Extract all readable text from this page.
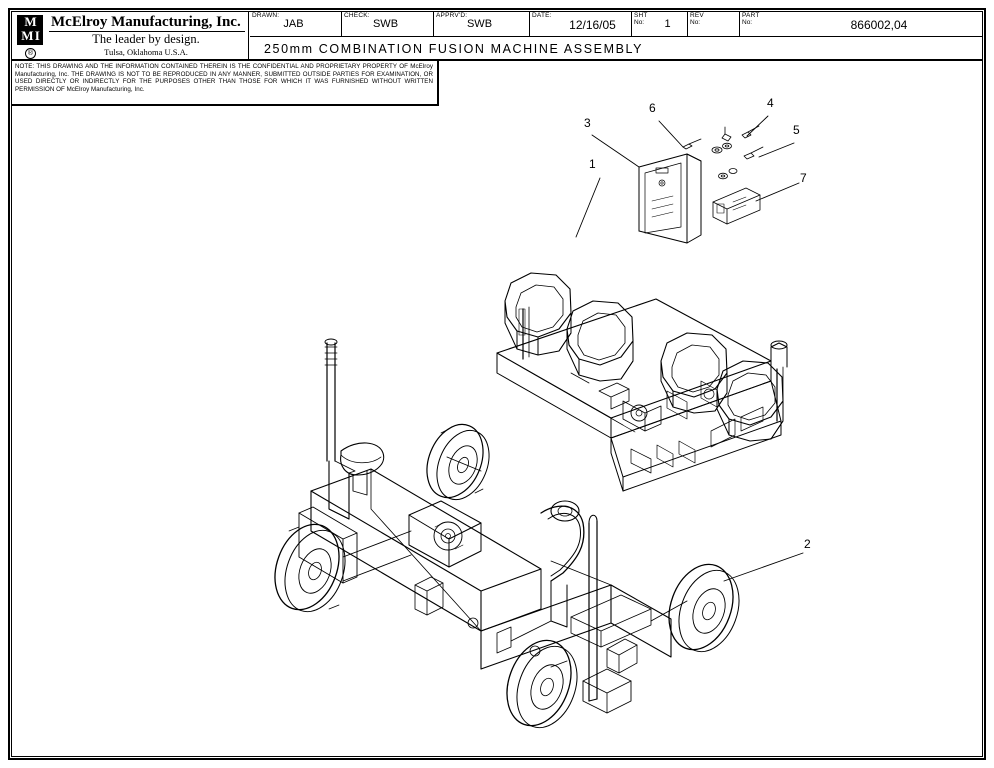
M
M I
McElroy Manufacturing, Inc.
The leader by design.
®	Tulsa, Oklahoma U.S.A.
DRAWN:
JAB
CHECK:
SWB
APPRV'D:
SWB
DATE:
12/16/05
SHT
No:	1
REV
No:
PART
No:	866002,04
250mm COMBINATION FUSION MACHINE ASSEMBLY

NOTE: THIS DRAWING AND THE INFORMATION CONTAINED THEREIN IS THE CONFIDENTIAL AND PROPRIETARY PROPERTY OF McElroy Manufacturing, Inc. THE DRAWING IS NOT TO BE REPRODUCED IN ANY MANNER, SUBMITTED OUTSIDE PARTIES FOR EXAMINATION, OR USED DIRECTLY OR INDIRECTLY FOR THE PURPOSES OTHER THAN THOSE FOR WHICH IT WAS FURNISHED WITHOUT WRITTEN PERMISSION OF McElroy Manufacturing, Inc.

1
2
3
4
5
6
7
